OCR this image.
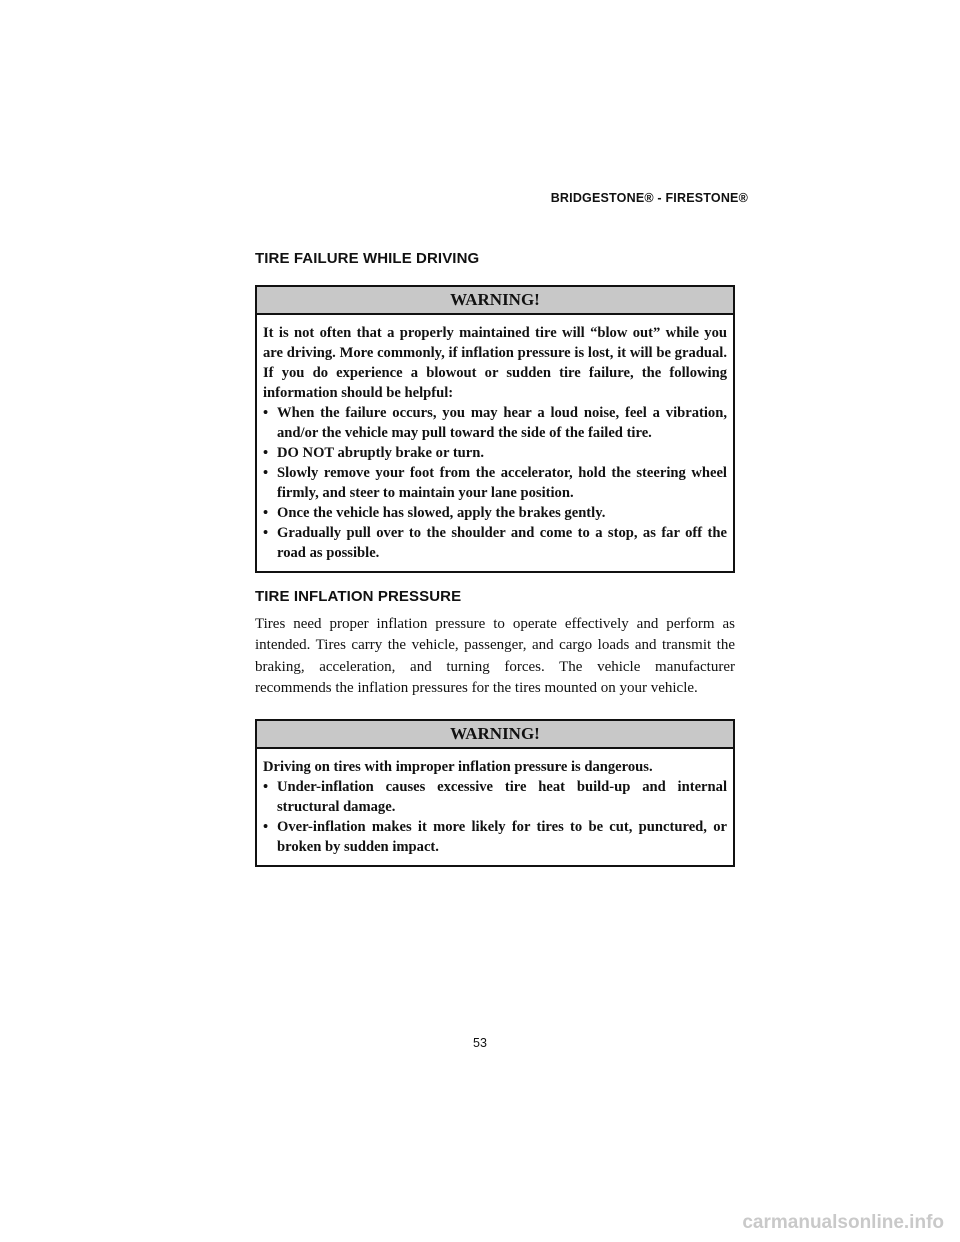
BRIDGESTONE® - FIRESTONE®
TIRE FAILURE WHILE DRIVING
WARNING!

It is not often that a properly maintained tire will “blow out” while you are driving. More commonly, if inflation pressure is lost, it will be gradual. If you do experience a blowout or sudden tire failure, the following information should be helpful:

• When the failure occurs, you may hear a loud noise, feel a vibration, and/or the vehicle may pull toward the side of the failed tire.
• DO NOT abruptly brake or turn.
• Slowly remove your foot from the accelerator, hold the steering wheel firmly, and steer to maintain your lane position.
• Once the vehicle has slowed, apply the brakes gently.
• Gradually pull over to the shoulder and come to a stop, as far off the road as possible.
TIRE INFLATION PRESSURE

Tires need proper inflation pressure to operate effectively and perform as intended. Tires carry the vehicle, passenger, and cargo loads and transmit the braking, acceleration, and turning forces. The vehicle manufacturer recommends the inflation pressures for the tires mounted on your vehicle.

WARNING!

Driving on tires with improper inflation pressure is dangerous.

• Under-inflation causes excessive tire heat build-up and internal structural damage.
• Over-inflation makes it more likely for tires to be cut, punctured, or broken by sudden impact.
53
carmanualsonline.info
